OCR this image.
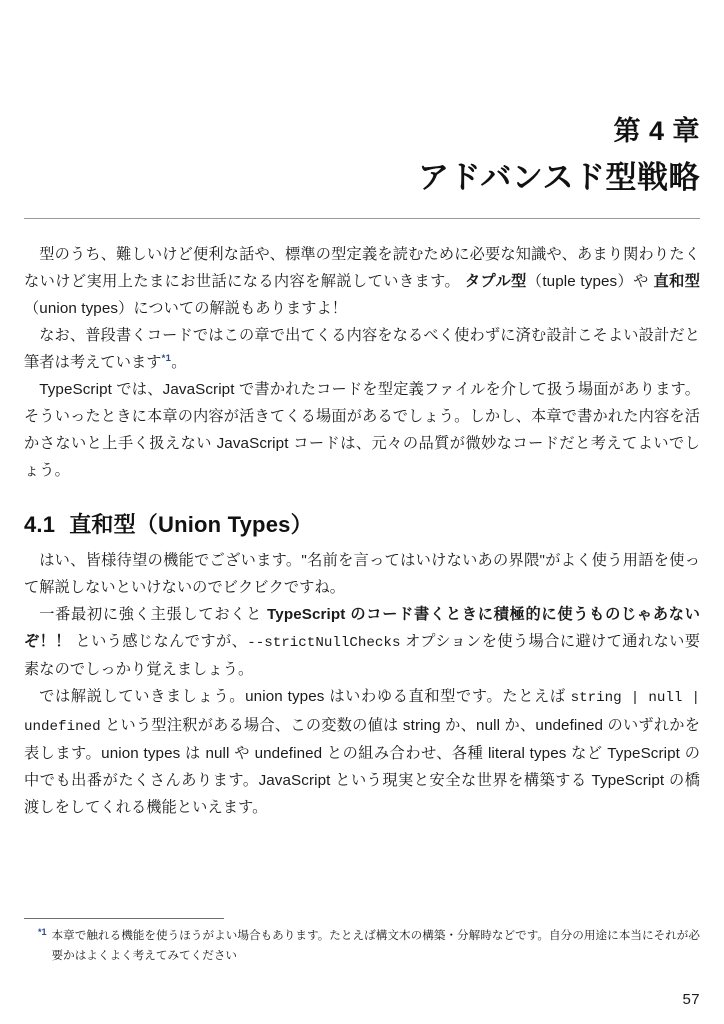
第 4 章
アドバンスド型戦略

型のうち、難しいけど便利な話や、標準の型定義を読むために必要な知識や、あまり関わりたくないけど実用上たまにお世話になる内容を解説していきます。 タプル型（tuple types）や 直和型（union types）についての解説もありますよ！

なお、普段書くコードではこの章で出てくる内容をなるべく使わずに済む設計こそよい設計だと筆者は考えています$^{*1}$。

TypeScript では、JavaScript で書かれたコードを型定義ファイルを介して扱う場面があります。そういったときに本章の内容が活きてくる場面があるでしょう。しかし、本章で書かれた内容を活かさないと上手く扱えない JavaScript コードは、元々の品質が微妙なコードだと考えてよいでしょう。

4.1 直和型（Union Types）

はい、皆様待望の機能でございます。"名前を言ってはいけないあの界隈"がよく使う用語を使って解説しないといけないのでビクビクですね。

一番最初に強く主張しておくと TypeScript のコード書くときに積極的に使うものじゃあないぞ！！ という感じなんですが、--strictNullChecks オプションを使う場合に避けて通れない要素なのでしっかり覚えましょう。

では解説していきましょう。union types はいわゆる直和型です。たとえば string | null | undefined という型注釈がある場合、この変数の値は string か、null か、undefined のいずれかを表します。union types は null や undefined との組み合わせ、各種 literal types など TypeScript の中でも出番がたくさんあります。JavaScript という現実と安全な世界を構築する TypeScript の橋渡しをしてくれる機能といえます。

*1 本章で触れる機能を使うほうがよい場合もあります。たとえば構文木の構築・分解時などです。自分の用途に本当にそれが必要かはよくよく考えてみてください
57
